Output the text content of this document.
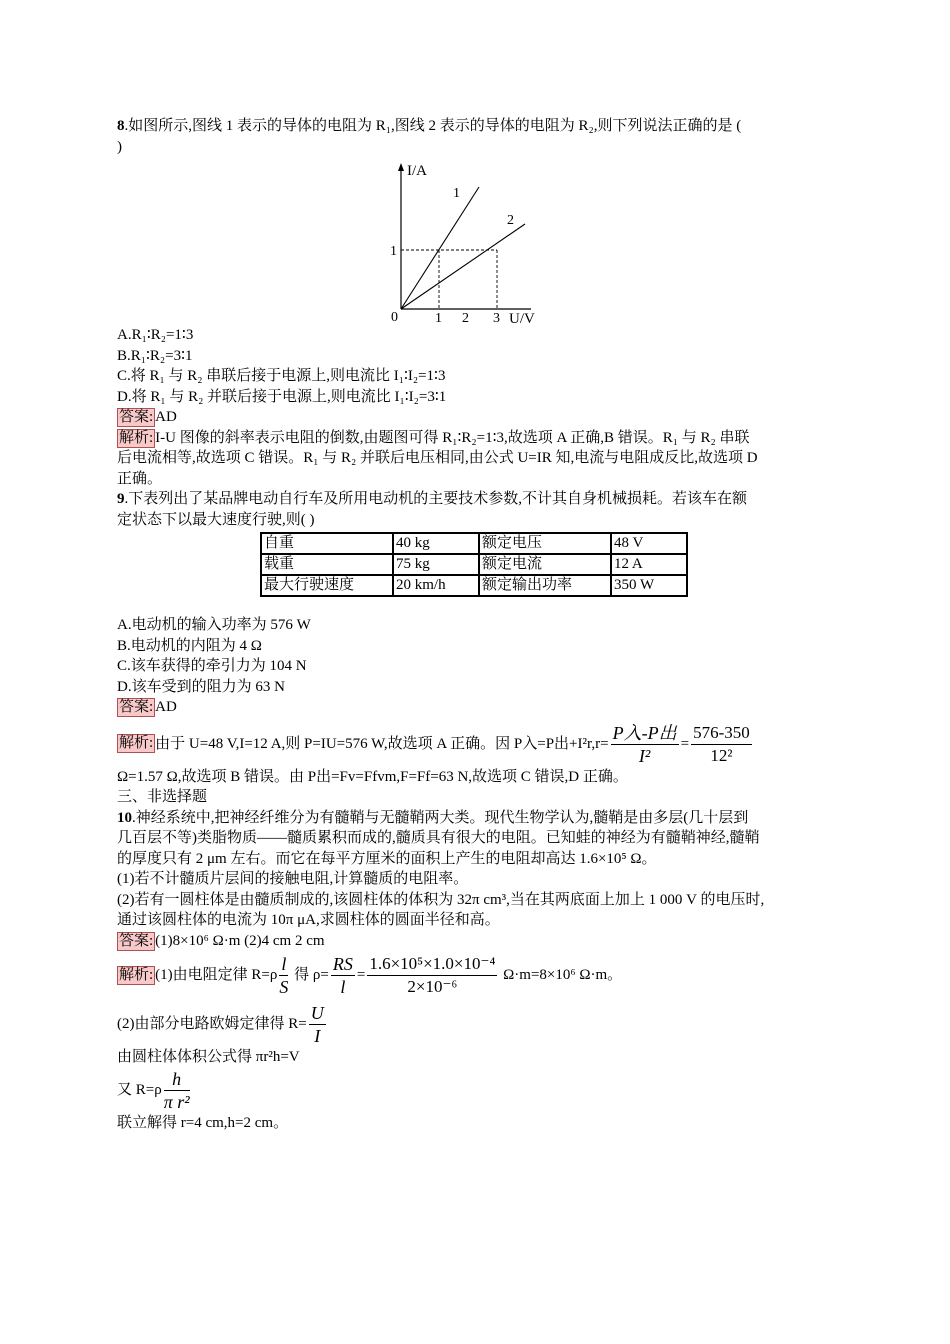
8.如图所示,图线 1 表示的导体的电阻为 R₁,图线 2 表示的导体的电阻为 R₂,则下列说法正确的是 (
)
I/A
U/V
0	1 2 3
1
1
2
A.R₁∶R₂=1∶3
B.R₁∶R₂=3∶1
C.将 R₁ 与 R₂ 串联后接于电源上,则电流比 I₁∶I₂=1∶3
D.将 R₁ 与 R₂ 并联后接于电源上,则电流比 I₁∶I₂=3∶1
答案: AD
解析: I-U 图像的斜率表示电阻的倒数,由题图可得 R₁∶R₂=1∶3,故选项 A 正确,B 错误。R₁ 与 R₂ 串联
后电流相等,故选项 C 错误。R₁ 与 R₂ 并联后电压相同,由公式 U=IR 知,电流与电阻成反比,故选项 D
正确。
9.下表列出了某品牌电动自行车及所用电动机的主要技术参数,不计其自身机械损耗。若该车在额
定状态下以最大速度行驶,则( )
自重	40 kg	额定电压	48 V
载重	75 kg	额定电流	12 A
最大行驶速度	20 km/h	额定输出功率	350 W
A.电动机的输入功率为 576 W
B.电动机的内阻为 4 Ω
C.该车获得的牵引力为 104 N
D.该车受到的阻力为 63 N
答案: AD
解析: 由于 U=48 V,I=12 A,则 P=IU=576 W,故选项 A 正确。因 P入=P出$+I^2r,r= \frac{\text{P入-P出}}{\text{I²}} = \frac{576-350}{\text{12²}}$
Ω=1.57 Ω,故选项 B 错误。由 P出=Fv=Ffvm,F=Ff=63 N,故选项 C 错误,D 正确。
三、非选择题
10.神经系统中,把神经纤维分为有髓鞘与无髓鞘两大类。现代生物学认为,髓鞘是由多层(几十层到
几百层不等)类脂物质——髓质累积而成的,髓质具有很大的电阻。已知蛙的神经为有髓鞘神经,髓鞘
的厚度只有 2 μm 左右。而它在每平方厘米的面积上产生的电阻却高达 1.6×10⁵ Ω。
(1)若不计髓质片层间的接触电阻,计算髓质的电阻率。
(2)若有一圆柱体是由髓质制成的,该圆柱体的体积为 32π cm³,当在其两底面上加上 1 000 V 的电压时,
通过该圆柱体的电流为 10π μA,求圆柱体的圆面半径和高。
答案: (1)8×10⁶ Ω·m (2)4 cm 2 cm
解析: (1)由电阻定律 $R=\rho \frac{l}{S}$ 得 $\rho= \frac{RS}{l} = \frac{\text{1.6×10⁵×1.0×10⁻⁴}}{\text{2×10⁻⁶}} \Omega\cdot m=8\times 10^6$ Ω·m。
(2)由部分电路欧姆定律得 $R= \frac{U}{I}$
由圆柱体体积公式得 πr²h=V
又 $R=\rho \frac{h}{\text{π r²}}$
联立解得 r=4 cm,h=2 cm。
